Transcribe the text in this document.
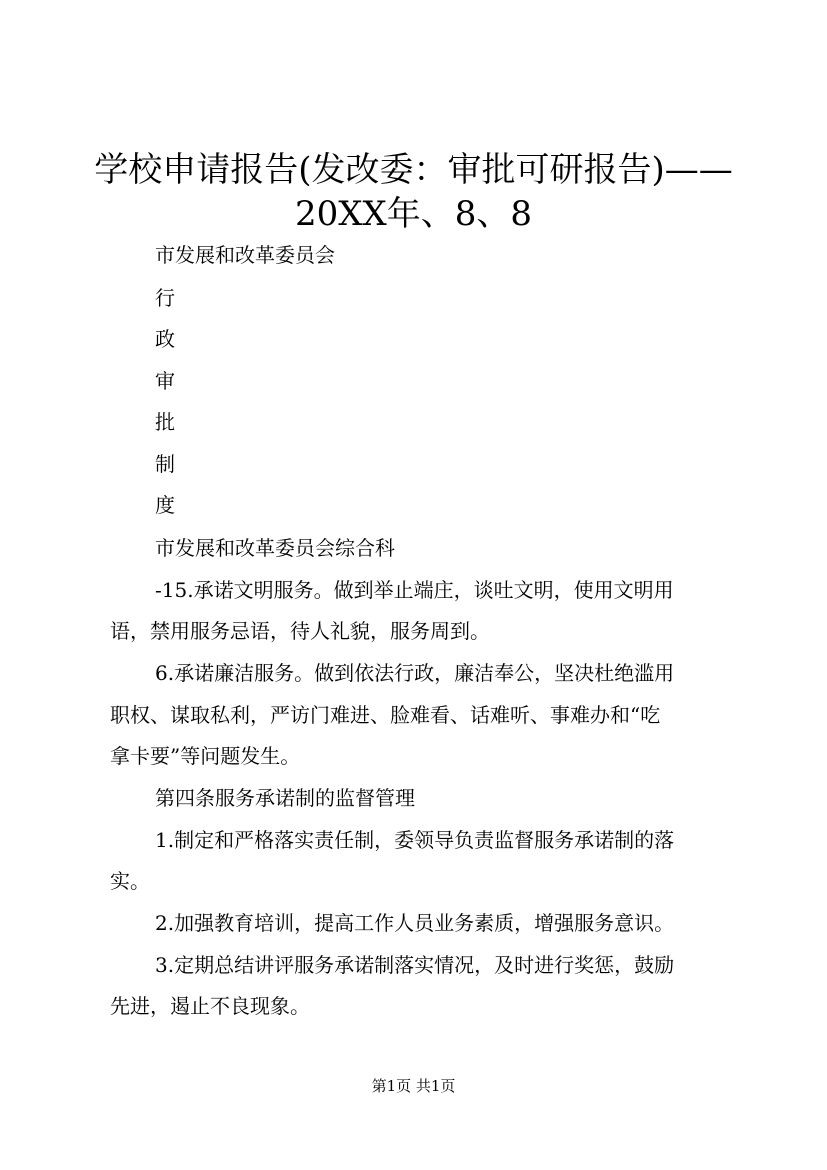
学校申请报告(发改委：审批可研报告)——
20XX年、8、8
市发展和改革委员会
行
政
审
批
制
度
市发展和改革委员会综合科
-15.承诺文明服务。做到举止端庄，谈吐文明，使用文明用
语，禁用服务忌语，待人礼貌，服务周到。
6.承诺廉洁服务。做到依法行政，廉洁奉公，坚决杜绝滥用
职权、谋取私利，严访门难进、脸难看、话难听、事难办和“吃
拿卡要”等问题发生。
第四条服务承诺制的监督管理
1.制定和严格落实责任制，委领导负责监督服务承诺制的落
实。
2.加强教育培训，提高工作人员业务素质，增强服务意识。
3.定期总结讲评服务承诺制落实情况，及时进行奖惩，鼓励
先进，遏止不良现象。
第1页 共1页
